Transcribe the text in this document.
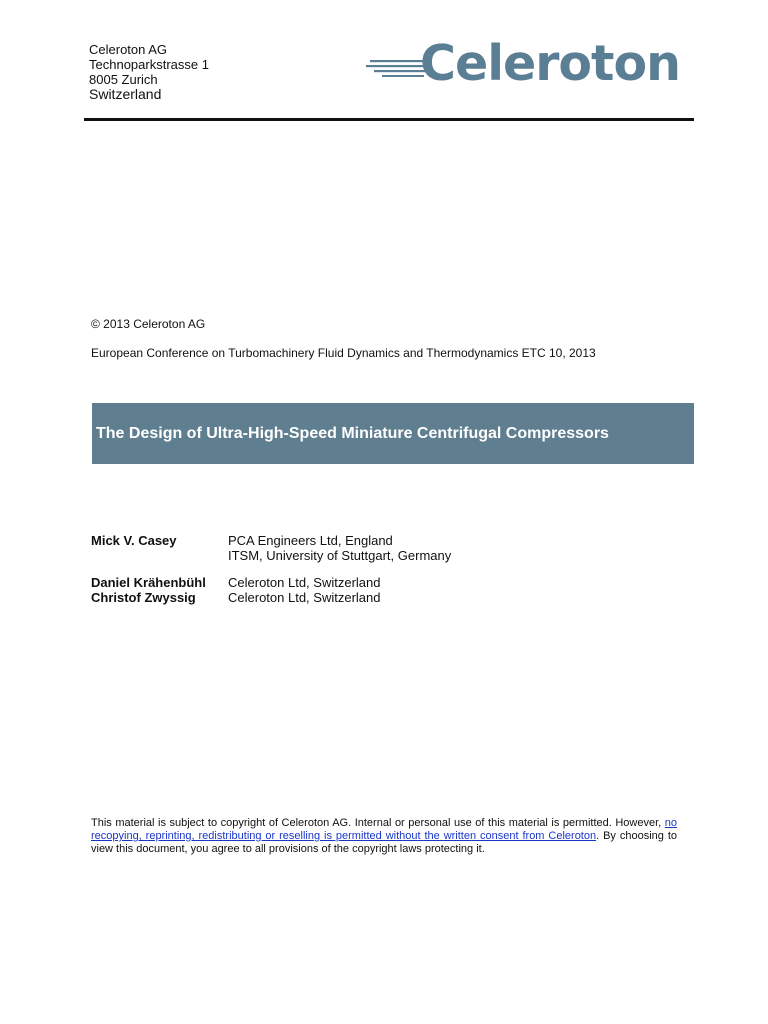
Celeroton AG
Technoparkstrasse 1
8005 Zurich
Switzerland
Celeroton
© 2013 Celeroton AG
European Conference on Turbomachinery Fluid Dynamics and Thermodynamics ETC 10, 2013
The Design of Ultra-High-Speed Miniature Centrifugal Compressors
Mick V. Casey	PCA Engineers Ltd, England
ITSM, University of Stuttgart, Germany
Daniel Krähenbühl	Celeroton Ltd, Switzerland
Christof Zwyssig	Celeroton Ltd, Switzerland
This material is subject to copyright of Celeroton AG. Internal or personal use of this material is permitted. However, no recopying, reprinting, redistributing or reselling is permitted without the written consent from Celeroton. By choosing to view this document, you agree to all provisions of the copyright laws protecting it.
